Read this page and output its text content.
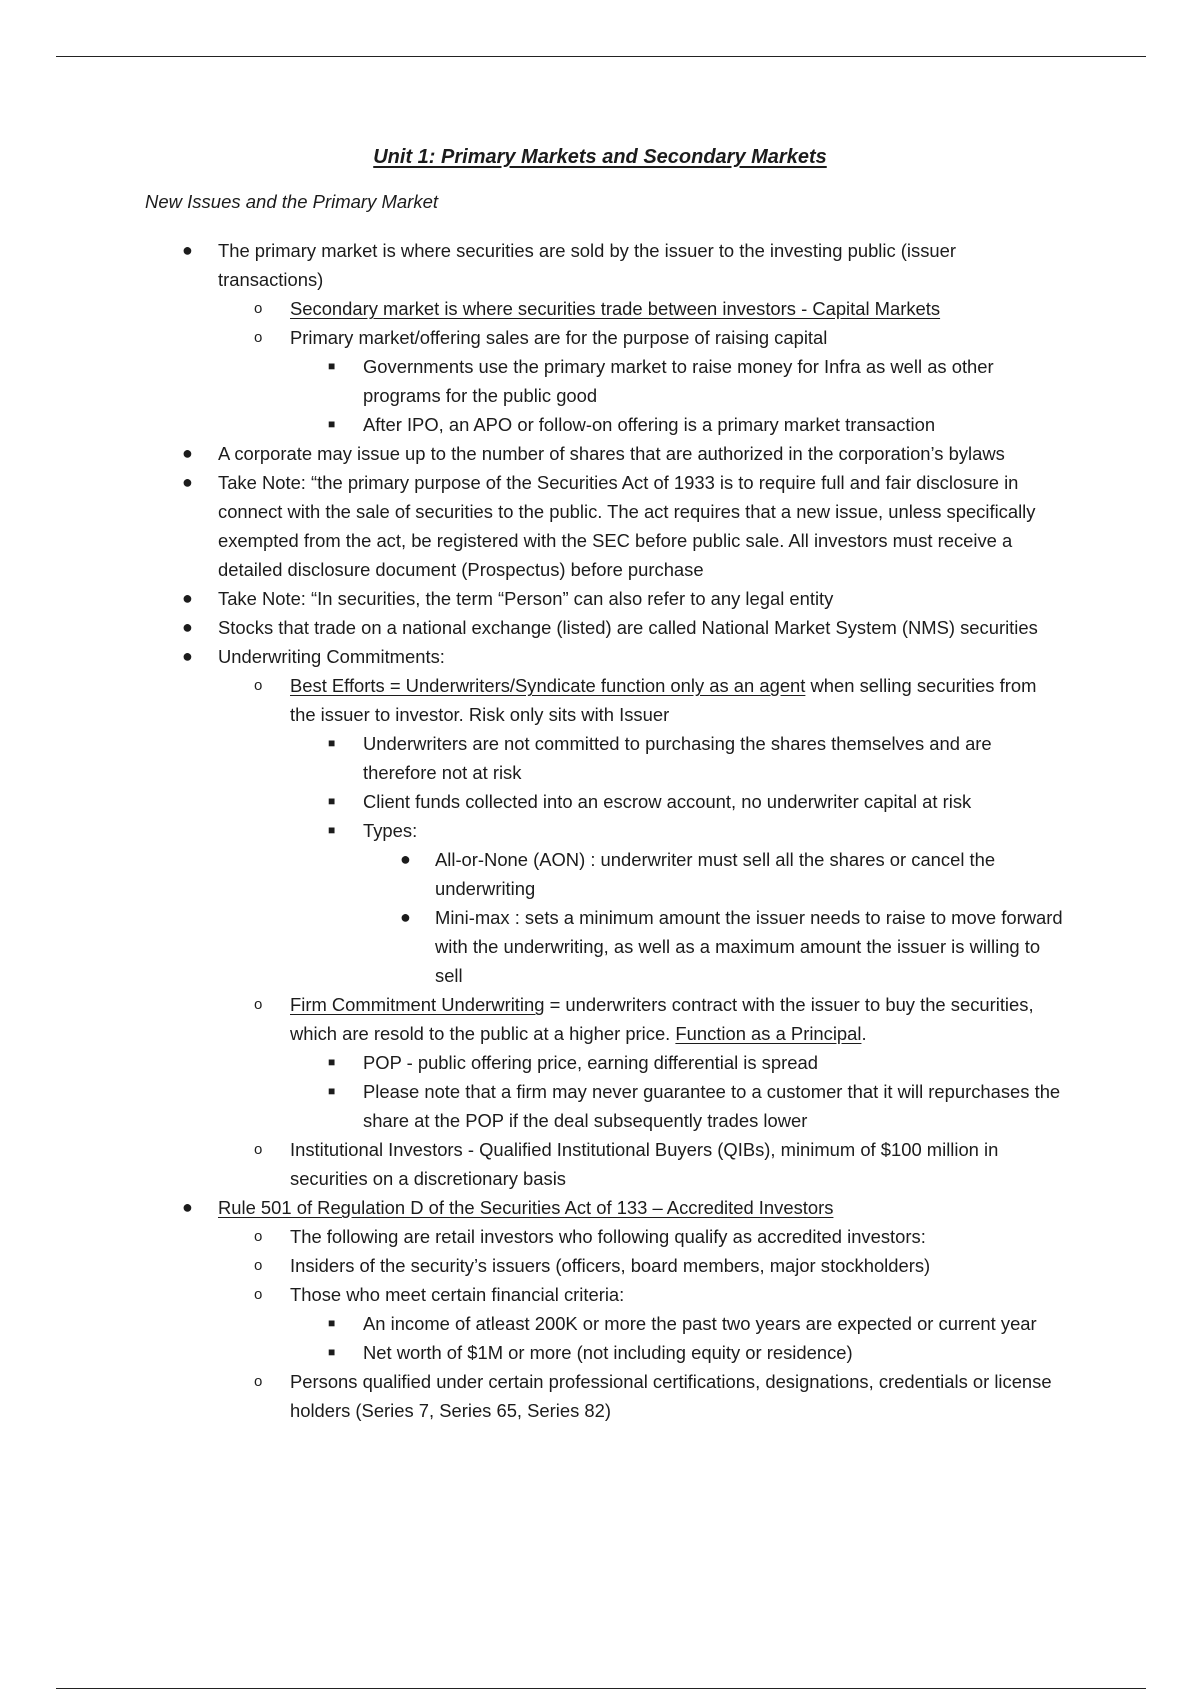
Unit 1: Primary Markets and Secondary Markets
New Issues and the Primary Market
● The primary market is where securities are sold by the issuer to the investing public (issuer transactions)
o Secondary market is where securities trade between investors - Capital Markets
o Primary market/offering sales are for the purpose of raising capital
■ Governments use the primary market to raise money for Infra as well as other programs for the public good
■ After IPO, an APO or follow-on offering is a primary market transaction
● A corporate may issue up to the number of shares that are authorized in the corporation’s bylaws
● Take Note: “the primary purpose of the Securities Act of 1933 is to require full and fair disclosure in connect with the sale of securities to the public. The act requires that a new issue, unless specifically exempted from the act, be registered with the SEC before public sale. All investors must receive a detailed disclosure document (Prospectus) before purchase
● Take Note: “In securities, the term “Person” can also refer to any legal entity
● Stocks that trade on a national exchange (listed) are called National Market System (NMS) securities
● Underwriting Commitments:
o Best Efforts = Underwriters/Syndicate function only as an agent when selling securities from the issuer to investor. Risk only sits with Issuer
■ Underwriters are not committed to purchasing the shares themselves and are therefore not at risk
■ Client funds collected into an escrow account, no underwriter capital at risk
■ Types:
● All-or-None (AON) : underwriter must sell all the shares or cancel the underwriting
● Mini-max : sets a minimum amount the issuer needs to raise to move forward with the underwriting, as well as a maximum amount the issuer is willing to sell
o Firm Commitment Underwriting = underwriters contract with the issuer to buy the securities, which are resold to the public at a higher price. Function as a Principal.
■ POP - public offering price, earning differential is spread
■ Please note that a firm may never guarantee to a customer that it will repurchases the share at the POP if the deal subsequently trades lower
o Institutional Investors - Qualified Institutional Buyers (QIBs), minimum of $100 million in securities on a discretionary basis
● Rule 501 of Regulation D of the Securities Act of 133 – Accredited Investors
o The following are retail investors who following qualify as accredited investors:
o Insiders of the security’s issuers (officers, board members, major stockholders)
o Those who meet certain financial criteria:
■ An income of atleast 200K or more the past two years are expected or current year
■ Net worth of $1M or more (not including equity or residence)
o Persons qualified under certain professional certifications, designations, credentials or license holders (Series 7, Series 65, Series 82)
